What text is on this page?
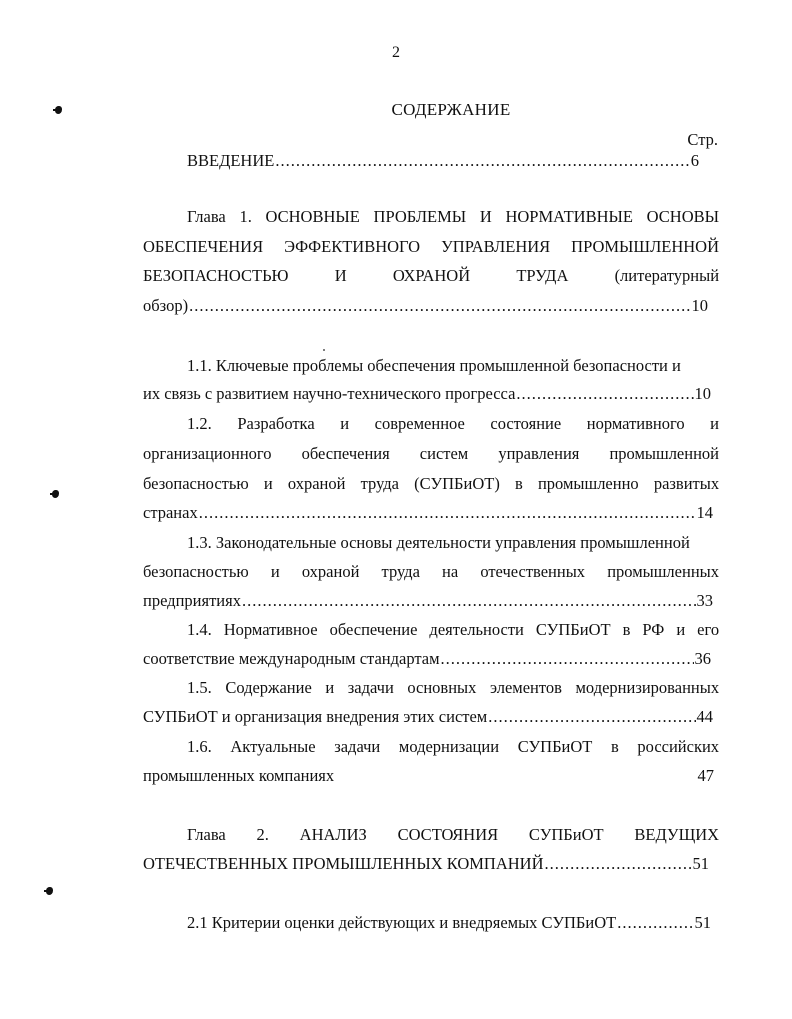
2
СОДЕРЖАНИЕ
Стр.
ВВЕДЕНИЕ .....	6
Глава 1. ОСНОВНЫЕ ПРОБЛЕМЫ И НОРМАТИВНЫЕ ОСНОВЫ
ОБЕСПЕЧЕНИЯ ЭФФЕКТИВНОГО УПРАВЛЕНИЯ ПРОМЫШЛЕННОЙ
БЕЗОПАСНОСТЬЮ	И	ОХРАНОЙ	ТРУДА	(литературный
обзор) .....	10
1.1. Ключевые проблемы обеспечения промышленной безопасности и
их связь с развитием научно-технического прогресса .....	10
1.2. Разработка и современное состояние нормативного и
организационного обеспечения систем управления промышленной
безопасностью и охраной труда (СУПБиОТ) в промышленно развитых
странах .....	14
1.3. Законодательные основы деятельности управления промышленной
безопасностью и охраной труда на отечественных промышленных
предприятиях .....	33
1.4. Нормативное обеспечение деятельности СУПБиОТ в РФ и его
соответствие международным стандартам .....	36
1.5. Содержание и задачи основных элементов модернизированных
СУПБиОТ и организация внедрения этих систем .....	44
1.6. Актуальные задачи модернизации СУПБиОТ в российских
промышленных компаниях	47
Глава 2. АНАЛИЗ СОСТОЯНИЯ СУПБиОТ ВЕДУЩИХ
ОТЕЧЕСТВЕННЫХ ПРОМЫШЛЕННЫХ КОМПАНИЙ .....	51
2.1 Критерии оценки действующих и внедряемых СУПБиОТ .....	51
